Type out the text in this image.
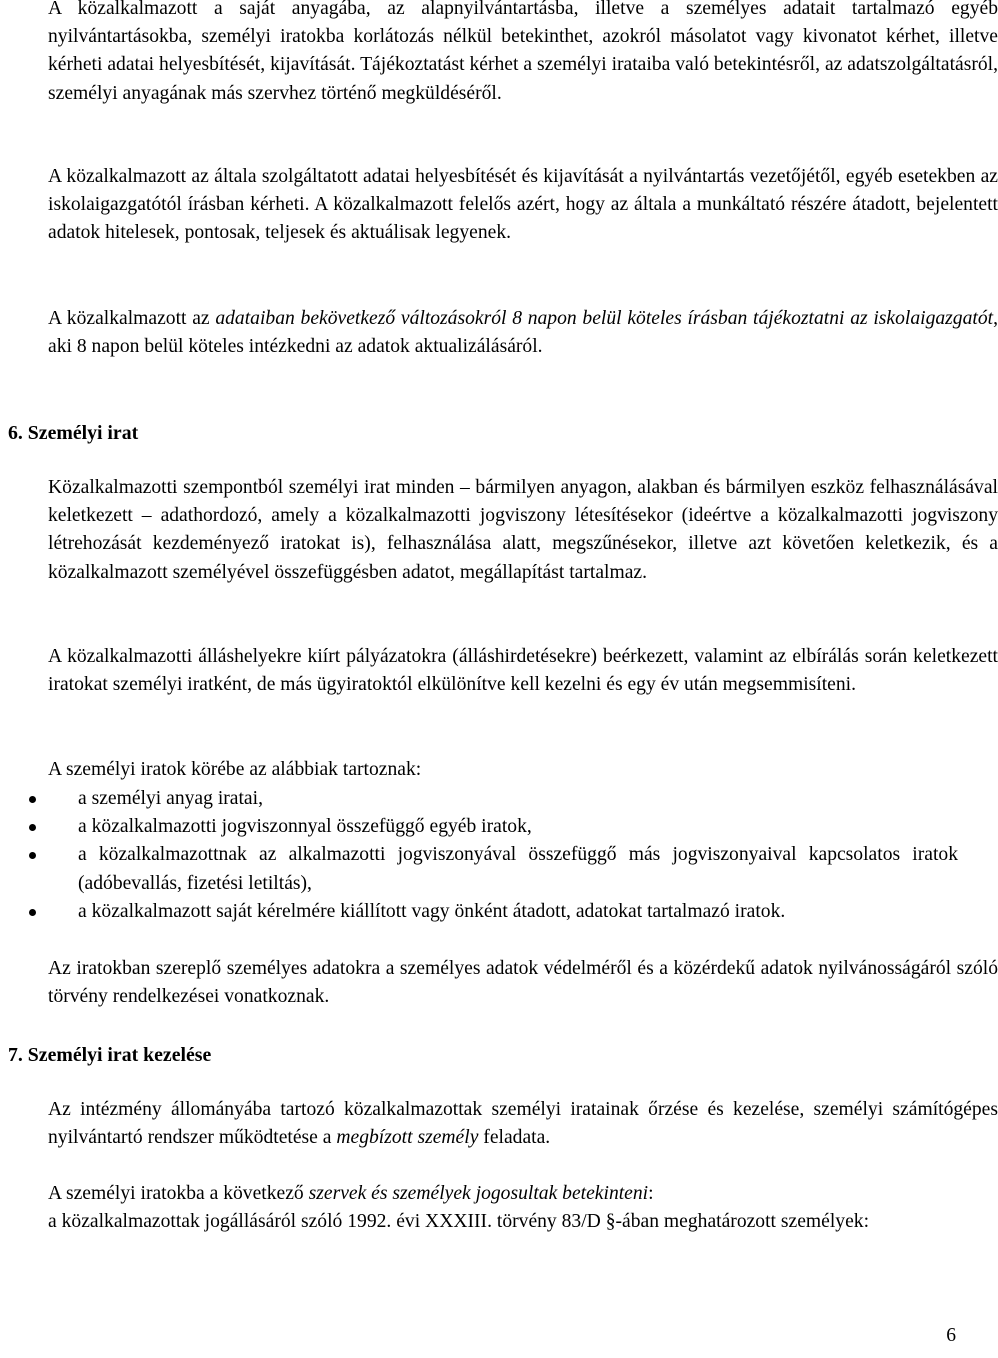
A közalkalmazott a saját anyagába, az alapnyilvántartásba, illetve a személyes adatait tartalmazó egyéb nyilvántartásokba, személyi iratokba korlátozás nélkül betekinthet, azokról másolatot vagy kivonatot kérhet, illetve kérheti adatai helyesbítését, kijavítását. Tájékoztatást kérhet a személyi irataiba való betekintésről, az adatszolgáltatásról, személyi anyagának más szervhez történő megküldéséről.

A közalkalmazott az általa szolgáltatott adatai helyesbítését és kijavítását a nyilvántartás vezetőjétől, egyéb esetekben az iskolaigazgatótól írásban kérheti. A közalkalmazott felelős azért, hogy az általa a munkáltató részére átadott, bejelentett adatok hitelesek, pontosak, teljesek és aktuálisak legyenek.

A közalkalmazott az adataiban bekövetkező változásokról 8 napon belül köteles írásban tájékoztatni az iskolaigazgatót, aki 8 napon belül köteles intézkedni az adatok aktualizálásáról.

6. Személyi irat

Közalkalmazotti szempontból személyi irat minden – bármilyen anyagon, alakban és bármilyen eszköz felhasználásával keletkezett – adathordozó, amely a közalkalmazotti jogviszony létesítésekor (ideértve a közalkalmazotti jogviszony létrehozását kezdeményező iratokat is), felhasználása alatt, megszűnésekor, illetve azt követően keletkezik, és a közalkalmazott személyével összefüggésben adatot, megállapítást tartalmaz.

A közalkalmazotti álláshelyekre kiírt pályázatokra (álláshirdetésekre) beérkezett, valamint az elbírálás során keletkezett iratokat személyi iratként, de más ügyiratoktól elkülönítve kell kezelni és egy év után megsemmisíteni.

A személyi iratok körébe az alábbiak tartoznak:

a személyi anyag iratai,
a közalkalmazotti jogviszonnyal összefüggő egyéb iratok,
a közalkalmazottnak az alkalmazotti jogviszonyával összefüggő más jogviszonyaival kapcsolatos iratok (adóbevallás, fizetési letiltás),
a közalkalmazott saját kérelmére kiállított vagy önként átadott, adatokat tartalmazó iratok.

Az iratokban szereplő személyes adatokra a személyes adatok védelméről és a közérdekű adatok nyilvánosságáról szóló törvény rendelkezései vonatkoznak.

7. Személyi irat kezelése

Az intézmény állományába tartozó közalkalmazottak személyi iratainak őrzése és kezelése, személyi számítógépes nyilvántartó rendszer működtetése a megbízott személy feladata.

A személyi iratokba a következő szervek és személyek jogosultak betekinteni:
a közalkalmazottak jogállásáról szóló 1992. évi XXXIII. törvény 83/D §-ában meghatározott személyek:

6
